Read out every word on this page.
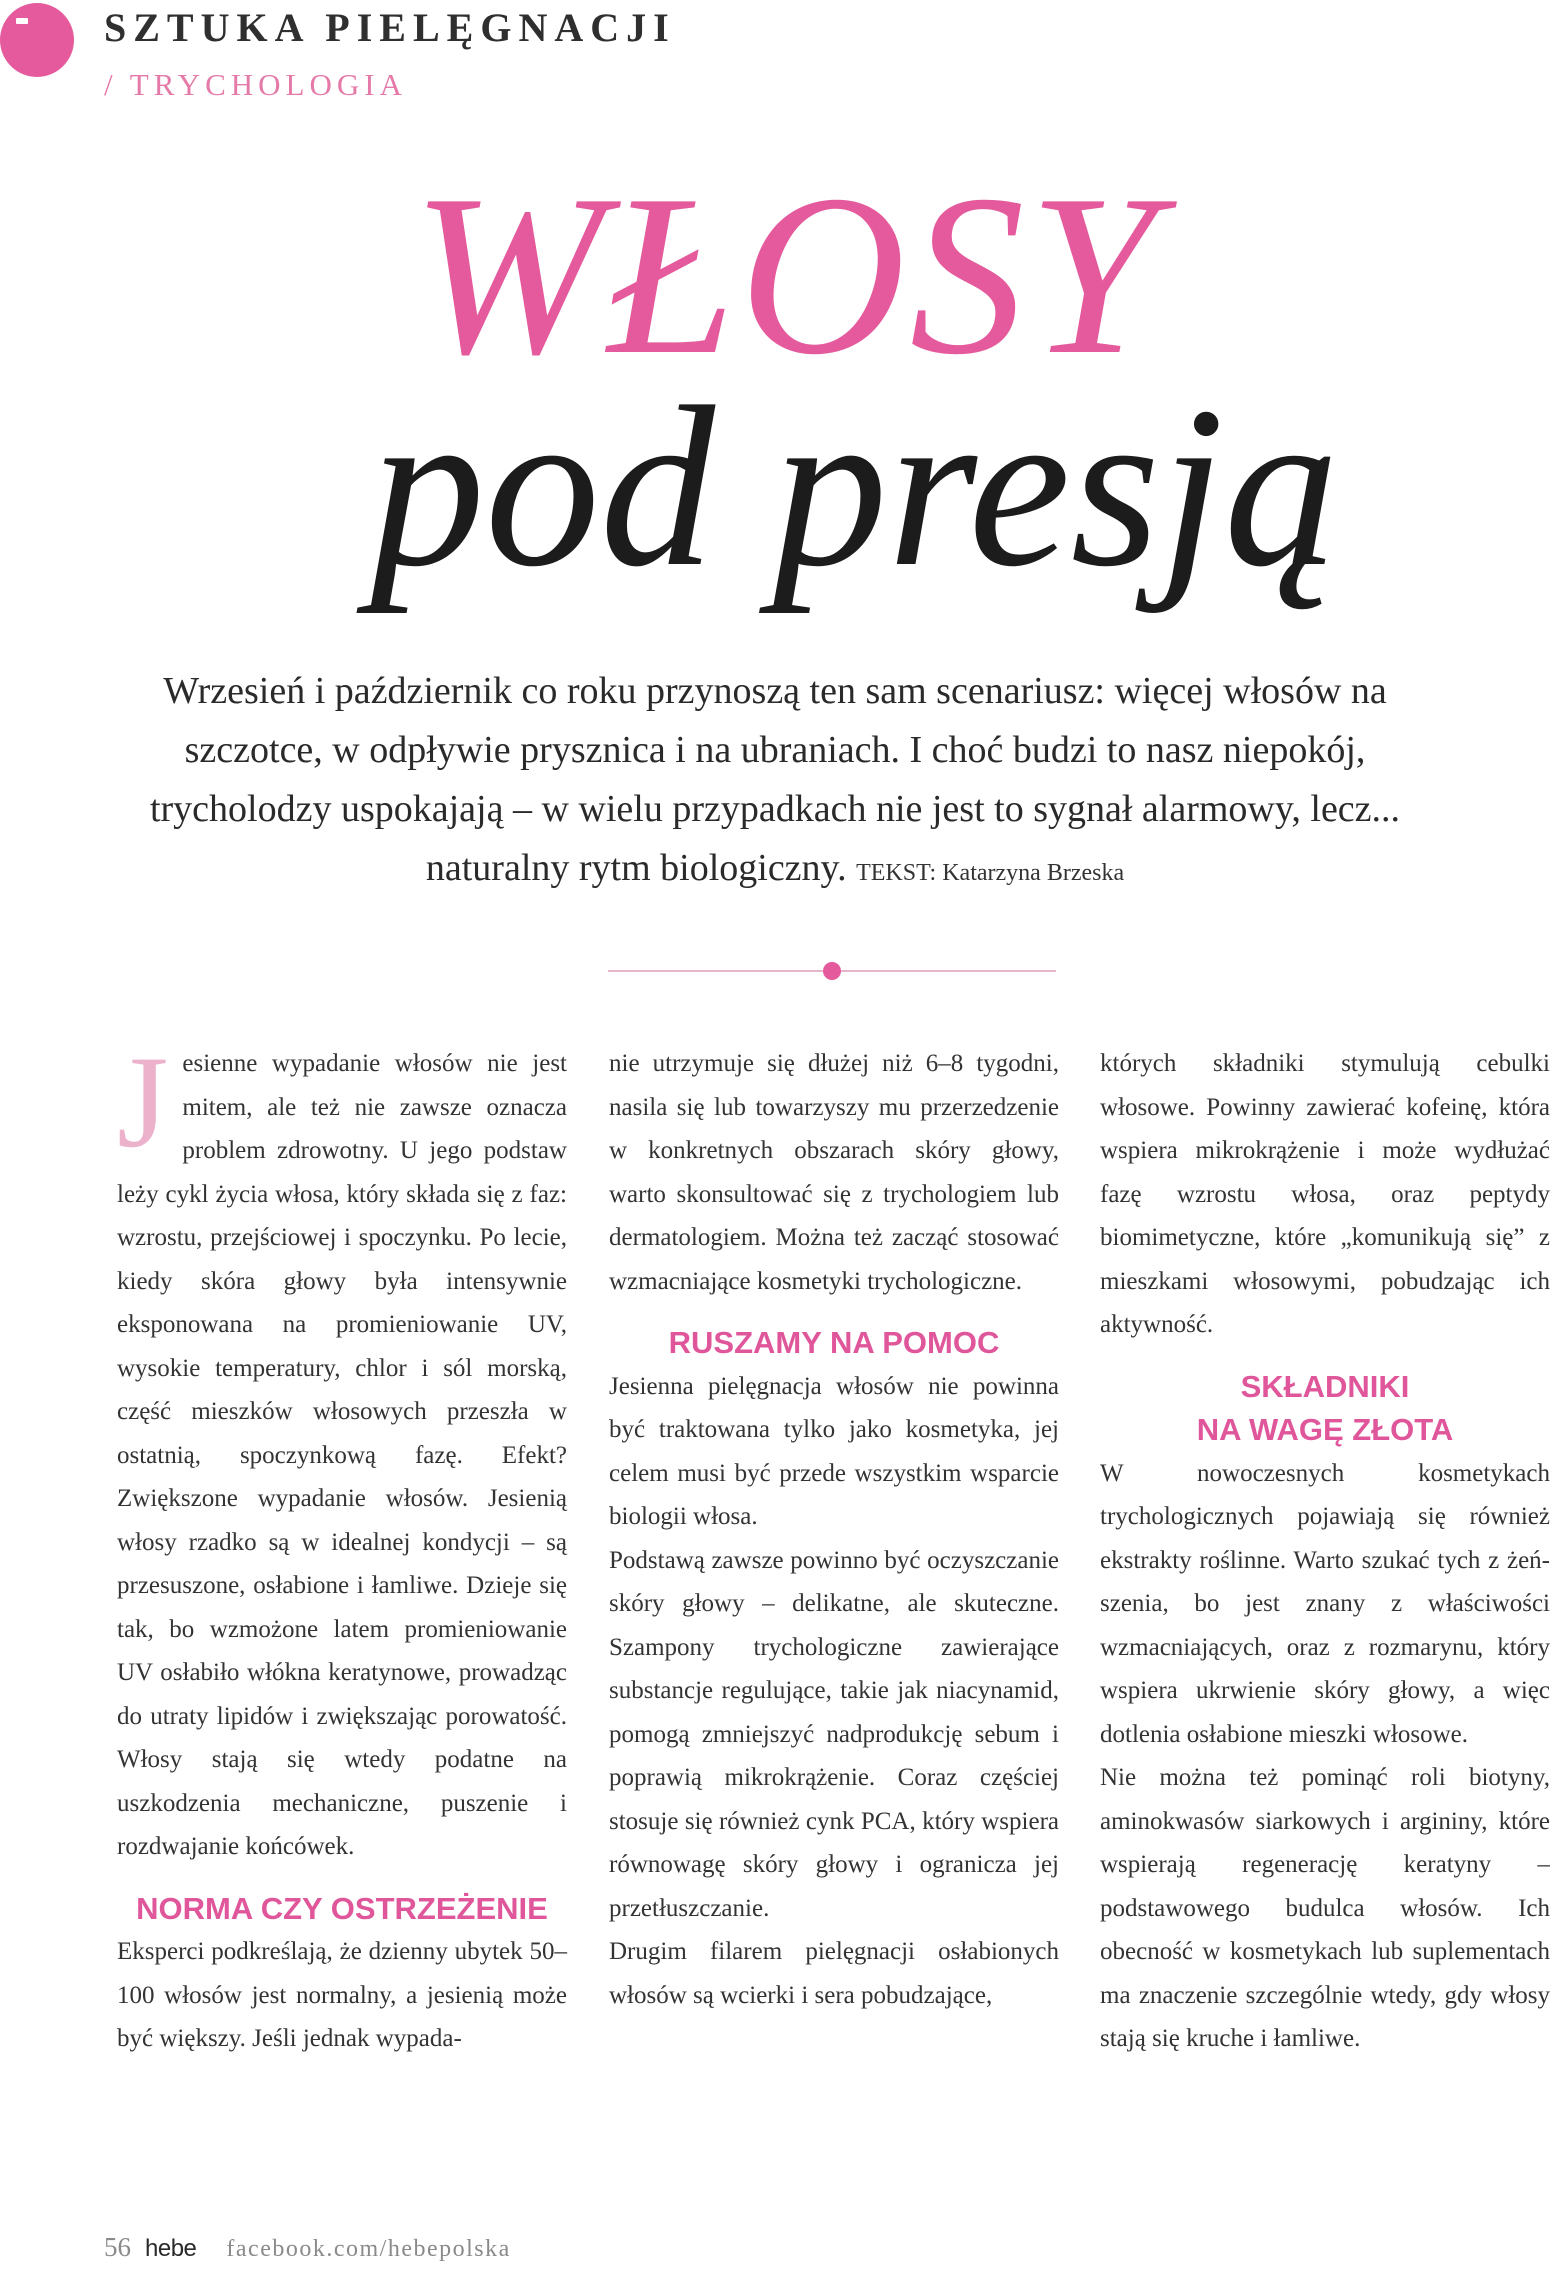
SZTUKA PIELĘGNACJI
/ TRYCHOLOGIA
WŁOSY
pod presją
Wrzesień i październik co roku przynoszą ten sam scenariusz: więcej włosów na szczotce, w odpływie prysznica i na ubraniach. I choć budzi to nasz niepokój, trycholodzy uspokajają – w wielu przypadkach nie jest to sygnał alarmowy, lecz... naturalny rytm biologiczny. TEKST: Katarzyna Brzeska

Jesienne wypadanie włosów nie jest mitem, ale też nie zawsze oznacza problem zdrowotny. U jego podstaw leży cykl życia włosa, który składa się z faz: wzrostu, przejściowej i spoczynku. Po lecie, kiedy skóra głowy była intensywnie eksponowana na promieniowanie UV, wysokie temperatury, chlor i sól morską, część mieszków włosowych przeszła w ostatnią, spoczynkową fazę. Efekt? Zwiększone wypadanie włosów. Jesienią włosy rzadko są w idealnej kondycji – są przesuszone, osłabione i łamliwe. Dzieje się tak, bo wzmożone latem promieniowanie UV osłabiło włókna keratynowe, prowadząc do utraty lipidów i zwiększając porowatość. Włosy stają się wtedy podatne na uszkodzenia mechaniczne, puszenie i rozdwajanie końcówek.

NORMA CZY OSTRZEŻENIE

Eksperci podkreślają, że dzienny ubytek 50–100 włosów jest normalny, a jesienią może być większy. Jeśli jednak wypada-

nie utrzymuje się dłużej niż 6–8 tygodni, nasila się lub towarzyszy mu przerzedzenie w konkretnych obszarach skóry głowy, warto skonsultować się z trychologiem lub dermatologiem. Można też zacząć stosować wzmacniające kosmetyki trychologiczne.

RUSZAMY NA POMOC

Jesienna pielęgnacja włosów nie powinna być traktowana tylko jako kosmetyka, jej celem musi być przede wszystkim wsparcie biologii włosa.

Podstawą zawsze powinno być oczyszczanie skóry głowy – delikatne, ale skuteczne. Szampony trychologiczne zawierające substancje regulujące, takie jak niacynamid, pomogą zmniejszyć nadprodukcję sebum i poprawią mikrokrążenie. Coraz częściej stosuje się również cynk PCA, który wspiera równowagę skóry głowy i ogranicza jej przetłuszczanie.

Drugim filarem pielęgnacji osłabionych włosów są wcierki i sera pobudzające,

których składniki stymulują cebulki włosowe. Powinny zawierać kofeinę, która wspiera mikrokrążenie i może wydłużać fazę wzrostu włosa, oraz peptydy biomimetyczne, które „komunikują się” z mieszkami włosowymi, pobudzając ich aktywność.

SKŁADNIKI
NA WAGĘ ZŁOTA

W nowoczesnych kosmetykach trychologicznych pojawiają się również ekstrakty roślinne. Warto szukać tych z żeń-szenia, bo jest znany z właściwości wzmacniających, oraz z rozmarynu, który wspiera ukrwienie skóry głowy, a więc dotlenia osłabione mieszki włosowe.

Nie można też pominąć roli biotyny, aminokwasów siarkowych i argininy, które wspierają regenerację keratyny – podstawowego budulca włosów. Ich obecność w kosmetykach lub suplementach ma znaczenie szczególnie wtedy, gdy włosy stają się kruche i łamliwe.

56 hebe facebook.com/hebepolska
